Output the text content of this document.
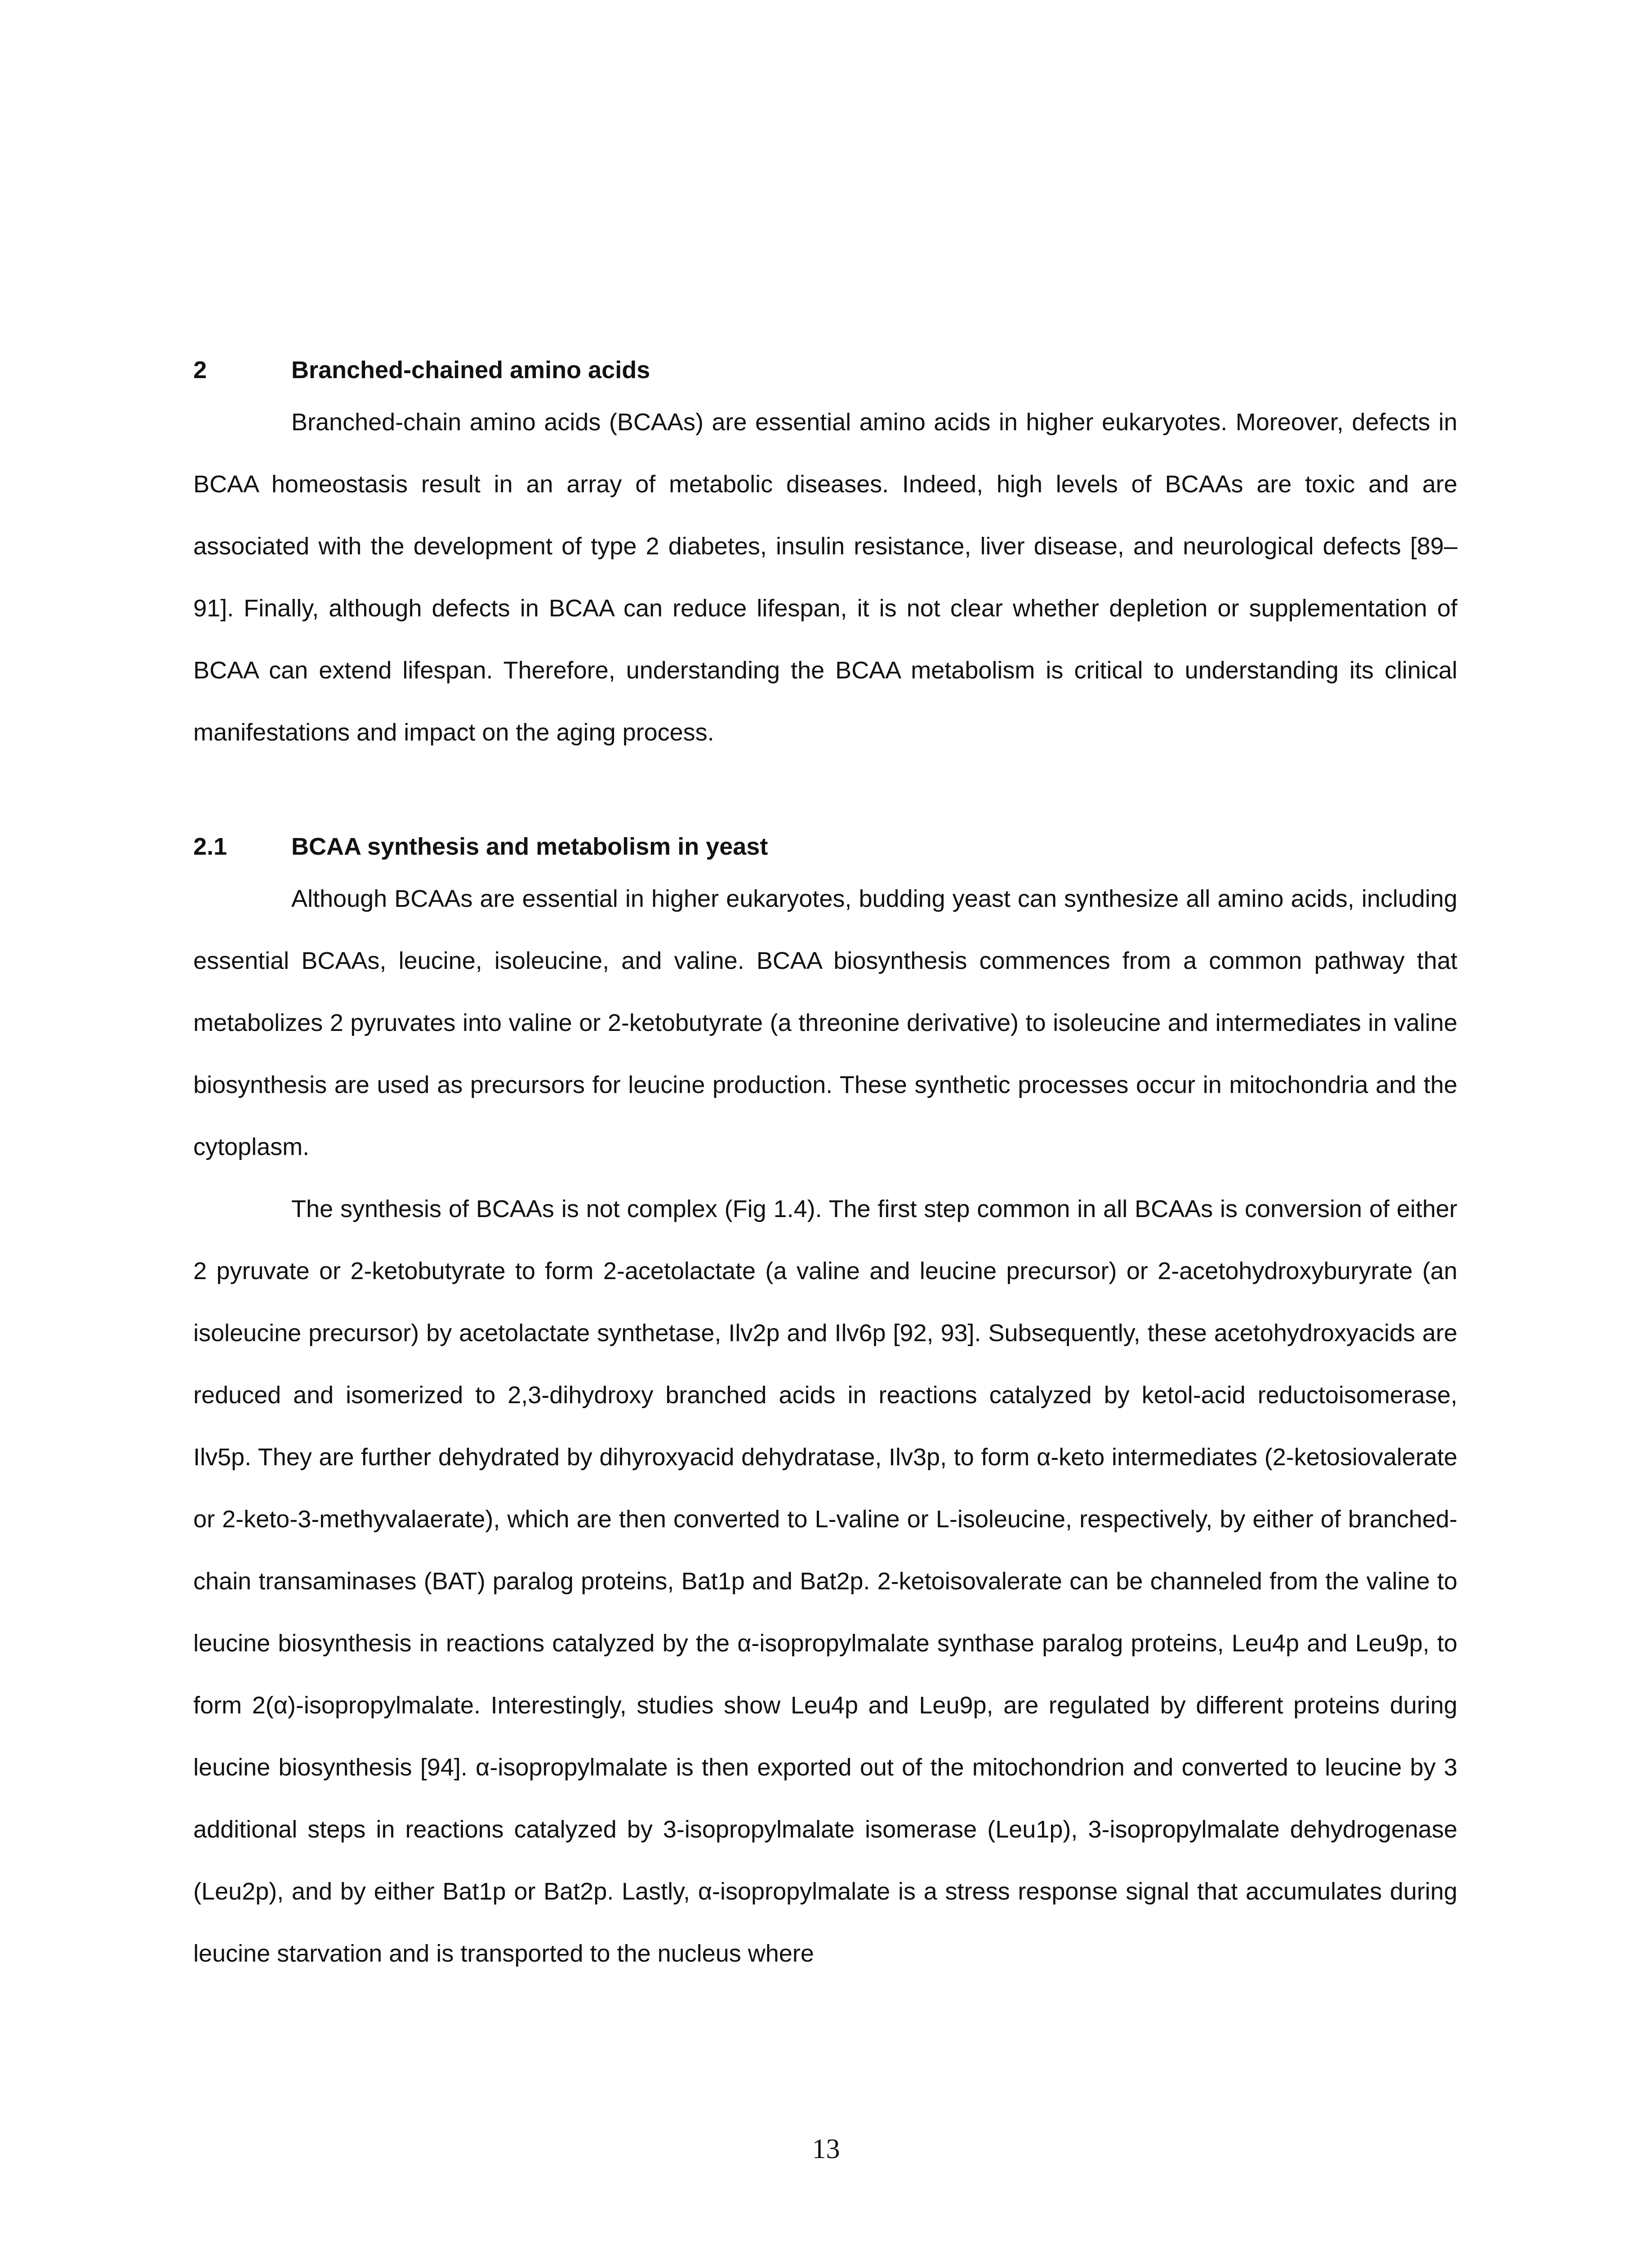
2	Branched-chained amino acids

Branched-chain amino acids (BCAAs) are essential amino acids in higher eukaryotes. Moreover, defects in BCAA homeostasis result in an array of metabolic diseases. Indeed, high levels of BCAAs are toxic and are associated with the development of type 2 diabetes, insulin resistance, liver disease, and neurological defects [89–91]. Finally, although defects in BCAA can reduce lifespan, it is not clear whether depletion or supplementation of BCAA can extend lifespan. Therefore, understanding the BCAA metabolism is critical to understanding its clinical manifestations and impact on the aging process.

2.1	BCAA synthesis and metabolism in yeast

Although BCAAs are essential in higher eukaryotes, budding yeast can synthesize all amino acids, including essential BCAAs, leucine, isoleucine, and valine. BCAA biosynthesis commences from a common pathway that metabolizes 2 pyruvates into valine or 2-ketobutyrate (a threonine derivative) to isoleucine and intermediates in valine biosynthesis are used as precursors for leucine production. These synthetic processes occur in mitochondria and the cytoplasm.

The synthesis of BCAAs is not complex (Fig 1.4). The first step common in all BCAAs is conversion of either 2 pyruvate or 2-ketobutyrate to form 2-acetolactate (a valine and leucine precursor) or 2-acetohydroxyburyrate (an isoleucine precursor) by acetolactate synthetase, Ilv2p and Ilv6p [92, 93]. Subsequently, these acetohydroxyacids are reduced and isomerized to 2,3-dihydroxy branched acids in reactions catalyzed by ketol-acid reductoisomerase, Ilv5p. They are further dehydrated by dihyroxyacid dehydratase, Ilv3p, to form α-keto intermediates (2-ketosiovalerate or 2-keto-3-methyvalaerate), which are then converted to L-valine or L-isoleucine, respectively, by either of branched-chain transaminases (BAT) paralog proteins, Bat1p and Bat2p. 2-ketoisovalerate can be channeled from the valine to leucine biosynthesis in reactions catalyzed by the α-isopropylmalate synthase paralog proteins, Leu4p and Leu9p, to form 2(α)-isopropylmalate. Interestingly, studies show Leu4p and Leu9p, are regulated by different proteins during leucine biosynthesis [94]. α-isopropylmalate is then exported out of the mitochondrion and converted to leucine by 3 additional steps in reactions catalyzed by 3-isopropylmalate isomerase (Leu1p), 3-isopropylmalate dehydrogenase (Leu2p), and by either Bat1p or Bat2p. Lastly, α-isopropylmalate is a stress response signal that accumulates during leucine starvation and is transported to the nucleus where

13
